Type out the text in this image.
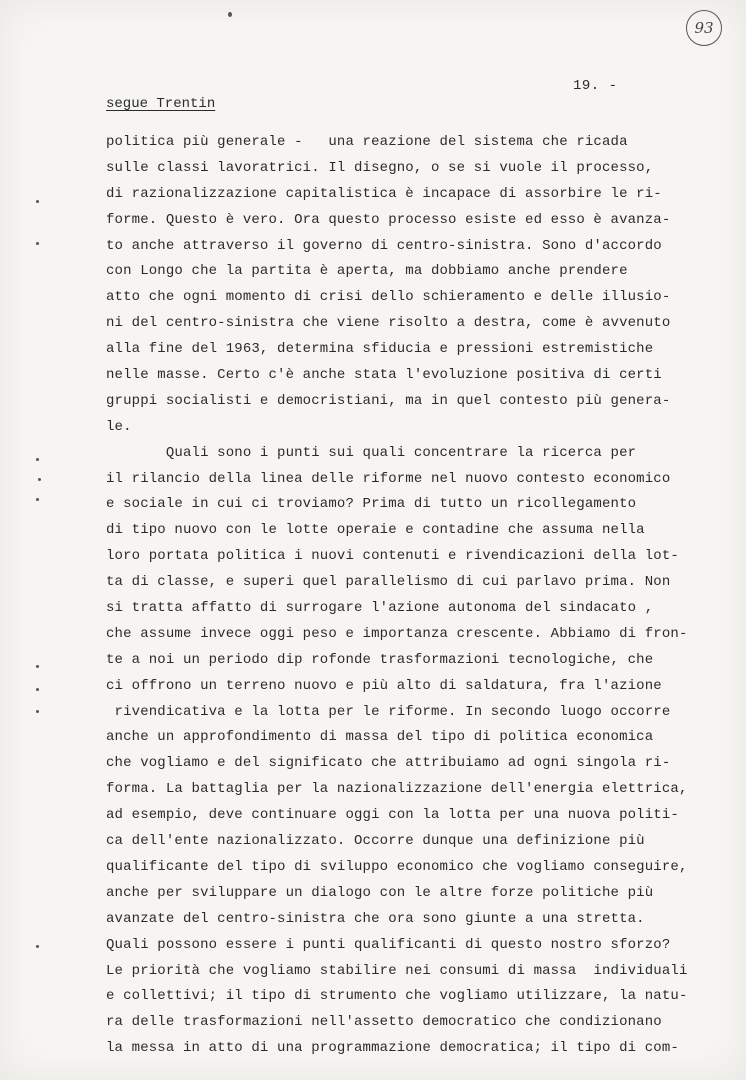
93
19. -
segue Trentin
politica più generale -   una reazione del sistema che ricada
sulle classi lavoratrici. Il disegno, o se si vuole il processo,
di razionalizzazione capitalistica è incapace di assorbire le ri-
forme. Questo è vero. Ora questo processo esiste ed esso è avanza-
to anche attraverso il governo di centro-sinistra. Sono d'accordo
con Longo che la partita è aperta, ma dobbiamo anche prendere
atto che ogni momento di crisi dello schieramento e delle illusio-
ni del centro-sinistra che viene risolto a destra, come è avvenuto
alla fine del 1963, determina sfiducia e pressioni estremistiche
nelle masse. Certo c'è anche stata l'evoluzione positiva di certi
gruppi socialisti e democristiani, ma in quel contesto più genera-
le.
Quali sono i punti sui quali concentrare la ricerca per
il rilancio della linea delle riforme nel nuovo contesto economico
e sociale in cui ci troviamo? Prima di tutto un ricollegamento
di tipo nuovo con le lotte operaie e contadine che assuma nella
loro portata politica i nuovi contenuti e rivendicazioni della lot-
ta di classe, e superi quel parallelismo di cui parlavo prima. Non
si tratta affatto di surrogare l'azione autonoma del sindacato ,
che assume invece oggi peso e importanza crescente. Abbiamo di fron-
te a noi un periodo dip rofonde trasformazioni tecnologiche, che
ci offrono un terreno nuovo e più alto di saldatura, fra l'azione
rivendicativa e la lotta per le riforme. In secondo luogo occorre
anche un approfondimento di massa del tipo di politica economica
che vogliamo e del significato che attribuiamo ad ogni singola ri-
forma. La battaglia per la nazionalizzazione dell'energia elettrica,
ad esempio, deve continuare oggi con la lotta per una nuova politi-
ca dell'ente nazionalizzato. Occorre dunque una definizione più
qualificante del tipo di sviluppo economico che vogliamo conseguire,
anche per sviluppare un dialogo con le altre forze politiche più
avanzate del centro-sinistra che ora sono giunte a una stretta.
Quali possono essere i punti qualificanti di questo nostro sforzo?
Le priorità che vogliamo stabilire nei consumi di massa  individuali
e collettivi; il tipo di strumento che vogliamo utilizzare, la natu-
ra delle trasformazioni nell'assetto democratico che condizionano
la messa in atto di una programmazione democratica; il tipo di com-
